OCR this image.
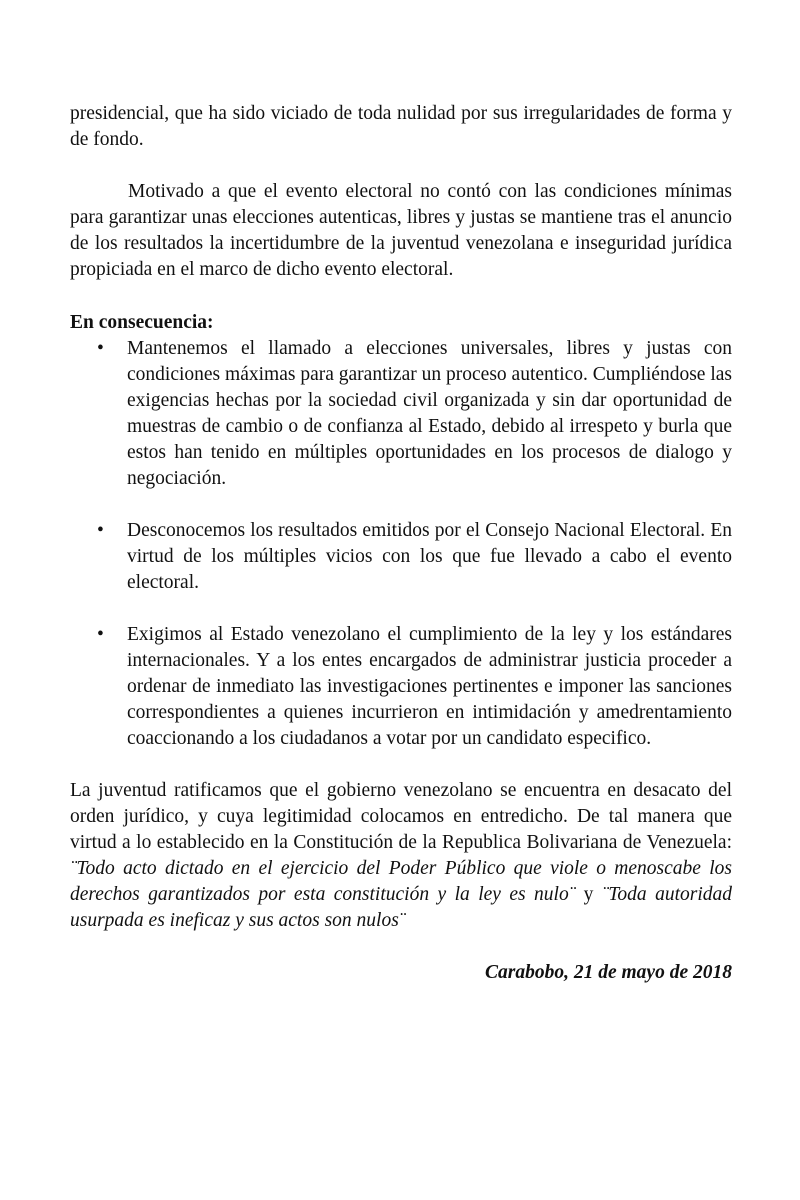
presidencial, que ha sido viciado de toda nulidad por sus irregularidades de forma y de fondo.

Motivado a que el evento electoral no contó con las condiciones mínimas para garantizar unas elecciones autenticas, libres y justas se mantiene tras el anuncio de los resultados la incertidumbre de la juventud venezolana e inseguridad jurídica propiciada en el marco de dicho evento electoral.

En consecuencia:

• Mantenemos el llamado a elecciones universales, libres y justas con condiciones máximas para garantizar un proceso autentico. Cumpliéndose las exigencias hechas por la sociedad civil organizada y sin dar oportunidad de muestras de cambio o de confianza al Estado, debido al irrespeto y burla que estos han tenido en múltiples oportunidades en los procesos de dialogo y negociación.
• Desconocemos los resultados emitidos por el Consejo Nacional Electoral. En virtud de los múltiples vicios con los que fue llevado a cabo el evento electoral.
• Exigimos al Estado venezolano el cumplimiento de la ley y los estándares internacionales. Y a los entes encargados de administrar justicia proceder a ordenar de inmediato las investigaciones pertinentes e imponer las sanciones correspondientes a quienes incurrieron en intimidación y amedrentamiento coaccionando a los ciudadanos a votar por un candidato especifico.

La juventud ratificamos que el gobierno venezolano se encuentra en desacato del orden jurídico, y cuya legitimidad colocamos en entredicho. De tal manera que virtud a lo establecido en la Constitución de la Republica Bolivariana de Venezuela: ¨Todo acto dictado en el ejercicio del Poder Público que viole o menoscabe los derechos garantizados por esta constitución y la ley es nulo¨ y ¨Toda autoridad usurpada es ineficaz y sus actos son nulos¨

Carabobo, 21 de mayo de 2018
